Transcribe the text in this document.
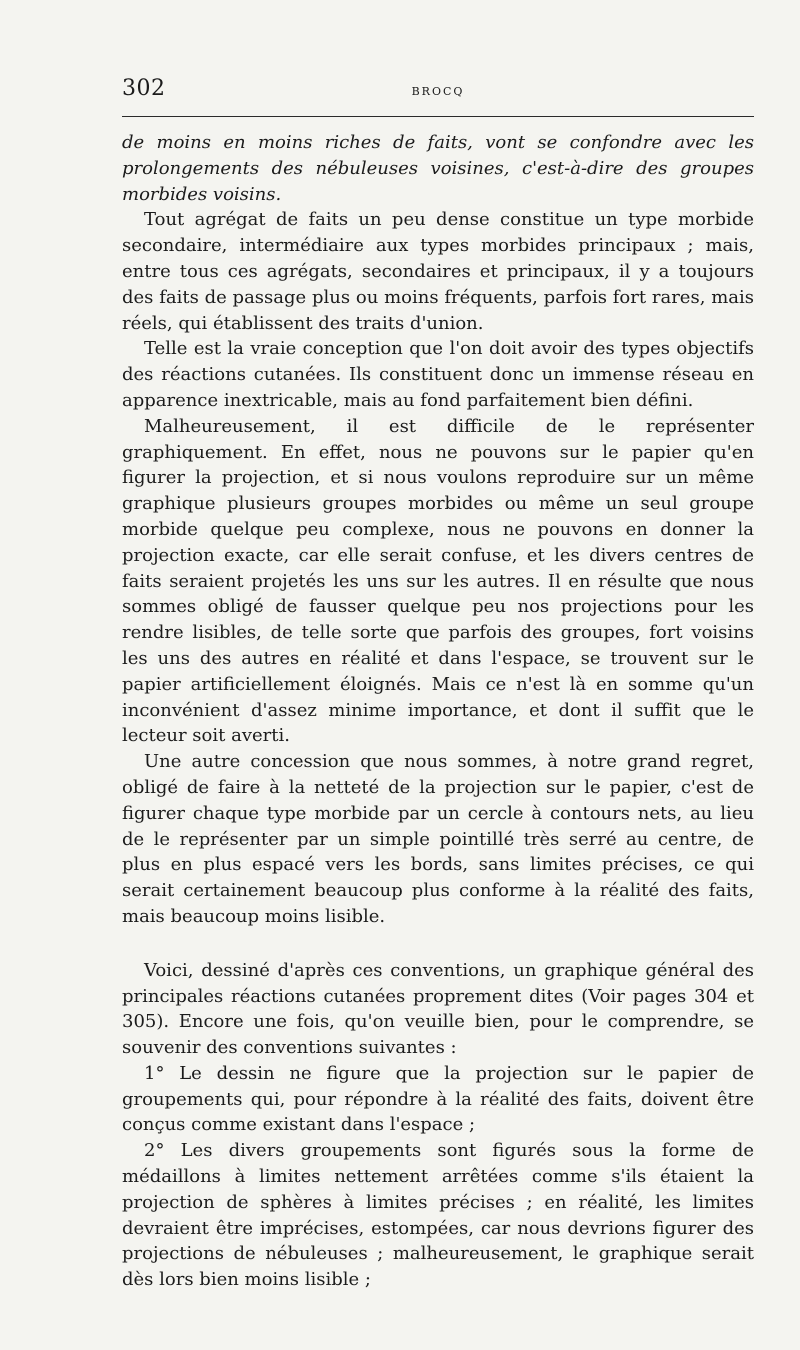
302	BROCQ

de moins en moins riches de faits, vont se confondre avec les prolongements des nébuleuses voisines, c'est-à-dire des groupes morbides voisins.

Tout agrégat de faits un peu dense constitue un type morbide secondaire, intermédiaire aux types morbides principaux ; mais, entre tous ces agrégats, secondaires et principaux, il y a toujours des faits de passage plus ou moins fréquents, parfois fort rares, mais réels, qui établissent des traits d'union.

Telle est la vraie conception que l'on doit avoir des types objectifs des réactions cutanées. Ils constituent donc un immense réseau en apparence inextricable, mais au fond parfaitement bien défini.

Malheureusement, il est difficile de le représenter graphiquement. En effet, nous ne pouvons sur le papier qu'en figurer la projection, et si nous voulons reproduire sur un même graphique plusieurs groupes morbides ou même un seul groupe morbide quelque peu complexe, nous ne pouvons en donner la projection exacte, car elle serait confuse, et les divers centres de faits seraient projetés les uns sur les autres. Il en résulte que nous sommes obligé de fausser quelque peu nos projections pour les rendre lisibles, de telle sorte que parfois des groupes, fort voisins les uns des autres en réalité et dans l'espace, se trouvent sur le papier artificiellement éloignés. Mais ce n'est là en somme qu'un inconvénient d'assez minime importance, et dont il suffit que le lecteur soit averti.

Une autre concession que nous sommes, à notre grand regret, obligé de faire à la netteté de la projection sur le papier, c'est de figurer chaque type morbide par un cercle à contours nets, au lieu de le représenter par un simple pointillé très serré au centre, de plus en plus espacé vers les bords, sans limites précises, ce qui serait certainement beaucoup plus conforme à la réalité des faits, mais beaucoup moins lisible.

Voici, dessiné d'après ces conventions, un graphique général des principales réactions cutanées proprement dites (Voir pages 304 et 305). Encore une fois, qu'on veuille bien, pour le comprendre, se souvenir des conventions suivantes :

1° Le dessin ne figure que la projection sur le papier de groupements qui, pour répondre à la réalité des faits, doivent être conçus comme existant dans l'espace ;

2° Les divers groupements sont figurés sous la forme de médaillons à limites nettement arrêtées comme s'ils étaient la projection de sphères à limites précises ; en réalité, les limites devraient être imprécises, estompées, car nous devrions figurer des projections de nébuleuses ; malheureusement, le graphique serait dès lors bien moins lisible ;
